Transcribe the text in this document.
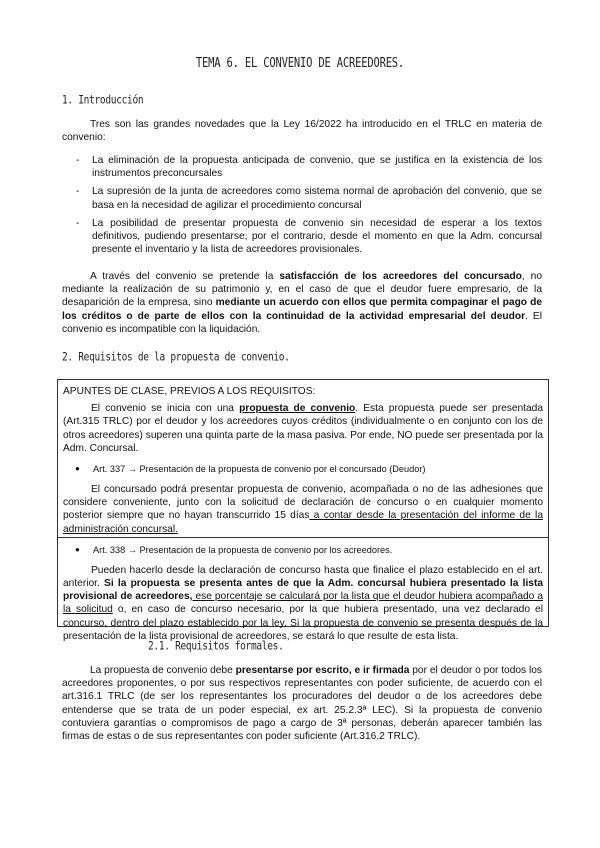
TEMA 6. EL CONVENIO DE ACREEDORES.
1. Introducción

Tres son las grandes novedades que la Ley 16/2022 ha introducido en el TRLC en materia de convenio:

- La eliminación de la propuesta anticipada de convenio, que se justifica en la existencia de los instrumentos preconcursales
- La supresión de la junta de acreedores como sistema normal de aprobación del convenio, que se basa en la necesidad de agilizar el procedimiento concursal
- La posibilidad de presentar propuesta de convenio sin necesidad de esperar a los textos definitivos, pudiendo presentarse, por el contrario, desde el momento en que la Adm. concursal presente el inventario y la lista de acreedores provisionales.

A través del convenio se pretende la satisfacción de los acreedores del concursado, no mediante la realización de su patrimonio y, en el caso de que el deudor fuere empresario, de la desaparición de la empresa, sino mediante un acuerdo con ellos que permita compaginar el pago de los créditos o de parte de ellos con la continuidad de la actividad empresarial del deudor. El convenio es incompatible con la liquidación.

2. Requisitos de la propuesta de convenio.

APUNTES DE CLASE, PREVIOS A LOS REQUISITOS:

El convenio se inicia con una propuesta de convenio. Esta propuesta puede ser presentada (Art.315 TRLC) por el deudor y los acreedores cuyos créditos (individualmente o en conjunto con los de otros acreedores) superen una quinta parte de la masa pasiva. Por ende, NO puede ser presentada por la Adm. Concursal.

● Art. 337 → Presentación de la propuesta de convenio por el concursado (Deudor)

El concursado podrá presentar propuesta de convenio, acompañada o no de las adhesiones que considere conveniente, junto con la solicitud de declaración de concurso o en cualquier momento posterior siempre que no hayan transcurrido 15 días a contar desde la presentación del informe de la administración concursal.

● Art. 338 → Presentación de la propuesta de convenio por los acreedores.

Pueden hacerlo desde la declaración de concurso hasta que finalice el plazo establecido en el art. anterior. Si la propuesta se presenta antes de que la Adm. concursal hubiera presentado la lista provisional de acreedores, ese porcentaje se calculará por la lista que el deudor hubiera acompañado a la solicitud o, en caso de concurso necesario, por la que hubiera presentado, una vez declarado el concurso, dentro del plazo establecido por la ley. Si la propuesta de convenio se presenta después de la presentación de la lista provisional de acreedores, se estará lo que resulte de esta lista.

2.1. Requisitos formales.

La propuesta de convenio debe presentarse por escrito, e ir firmada por el deudor o por todos los acreedores proponentes, o por sus respectivos representantes con poder suficiente, de acuerdo con el art.316.1 TRLC (de ser los representantes los procuradores del deudor o de los acreedores debe entenderse que se trata de un poder especial, ex art. 25.2.3ª LEC). Si la propuesta de convenio contuviera garantías o compromisos de pago a cargo de 3ª personas, deberán aparecer también las firmas de estas o de sus representantes con poder suficiente (Art.316.2 TRLC).
